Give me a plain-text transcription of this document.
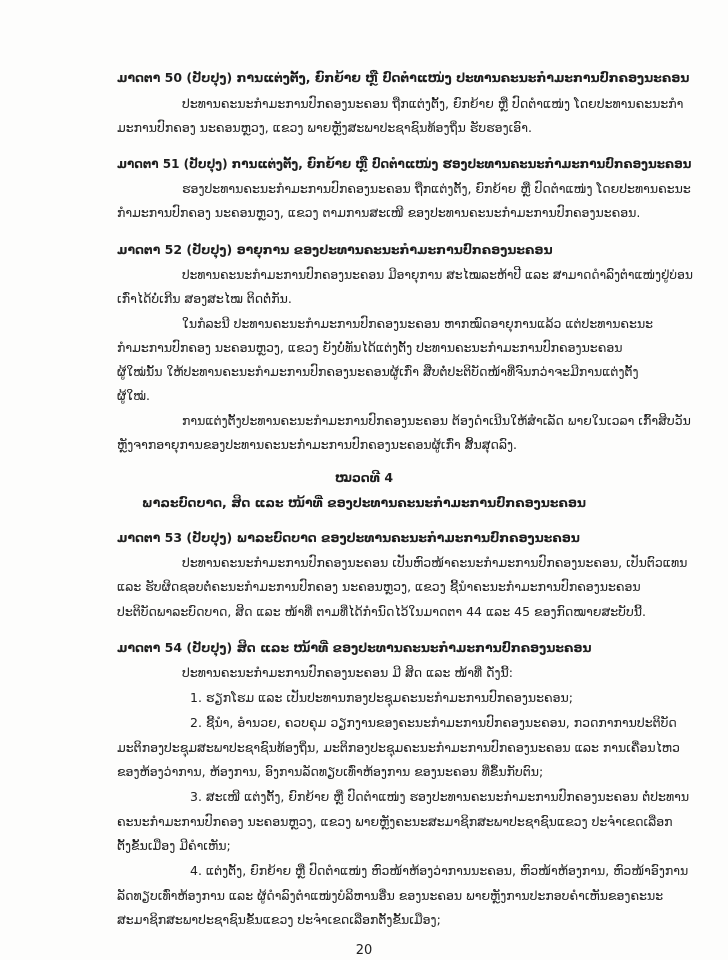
ມາດຕາ 50 (ປັບປຸງ) ການແຕ່ງຕັ້ງ, ຍົກຍ້າຍ ຫຼື ປົດຕຳແໜ່ງ ປະທານຄະນະກຳມະການປົກຄອງນະຄອນ
ປະທານຄະນະກຳມະການປົກຄອງນະຄອນ ຖືກແຕ່ງຕັ້ງ, ຍົກຍ້າຍ ຫຼື ປົດຕຳແໜ່ງ ໂດຍປະທານຄະນະກຳ
ມະການປົກຄອງ ນະຄອນຫຼວງ, ແຂວງ ພາຍຫຼັງສະພາປະຊາຊົນທ້ອງຖິ່ນ ຮັບຮອງເອົາ.
ມາດຕາ 51 (ປັບປຸງ) ການແຕ່ງຕັ້ງ, ຍົກຍ້າຍ ຫຼື ປົດຕຳແໜ່ງ ຮອງປະທານຄະນະກຳມະການປົກຄອງນະຄອນ
ຮອງປະທານຄະນະກຳມະການປົກຄອງນະຄອນ ຖືກແຕ່ງຕັ້ງ, ຍົກຍ້າຍ ຫຼື ປົດຕຳແໜ່ງ ໂດຍປະທານຄະນະ
ກຳມະການປົກຄອງ ນະຄອນຫຼວງ, ແຂວງ ຕາມການສະເໜີ ຂອງປະທານຄະນະກຳມະການປົກຄອງນະຄອນ.
ມາດຕາ 52 (ປັບປຸງ) ອາຍຸການ ຂອງປະທານຄະນະກຳມະການປົກຄອງນະຄອນ
ປະທານຄະນະກຳມະການປົກຄອງນະຄອນ ມີອາຍຸການ ສະໄໝລະຫ້າປີ ແລະ ສາມາດດຳລົງຕຳແໜ່ງຢູ່ບ່ອນ
ເກົ່າໄດ້ບໍ່ເກີນ ສອງສະໄໝ ຕິດຕໍ່ກັນ.
ໃນກໍລະນີ ປະທານຄະນະກຳມະການປົກຄອງນະຄອນ ຫາກໝົດອາຍຸການແລ້ວ ແຕ່ປະທານຄະນະ
ກຳມະການປົກຄອງ ນະຄອນຫຼວງ, ແຂວງ ຍັງບໍ່ທັນໄດ້ແຕ່ງຕັ້ງ ປະທານຄະນະກຳມະການປົກຄອງນະຄອນ
ຜູ້ໃໝ່ນັ້ນ ໃຫ້ປະທານຄະນະກຳມະການປົກຄອງນະຄອນຜູ້ເກົ່າ ສືບຕໍ່ປະຕິບັດໜ້າທີ່ຈົນກວ່າຈະມີການແຕ່ງຕັ້ງ
ຜູ້ໃໝ່.
ການແຕ່ງຕັ້ງປະທານຄະນະກຳມະການປົກຄອງນະຄອນ ຕ້ອງດຳເນີນໃຫ້ສຳເລັດ ພາຍໃນເວລາ ເກົ້າສິບວັນ
ຫຼັງຈາກອາຍຸການຂອງປະທານຄະນະກຳມະການປົກຄອງນະຄອນຜູ້ເກົ່າ ສິ້ນສຸດລົງ.
ໝວດທີ 4
ພາລະບົດບາດ, ສິດ ແລະ ໜ້າທີ່ ຂອງປະທານຄະນະກຳມະການປົກຄອງນະຄອນ
ມາດຕາ 53 (ປັບປຸງ) ພາລະບົດບາດ ຂອງປະທານຄະນະກຳມະການປົກຄອງນະຄອນ
ປະທານຄະນະກຳມະການປົກຄອງນະຄອນ ເປັນຫົວໜ້າຄະນະກຳມະການປົກຄອງນະຄອນ, ເປັນຕົວແທນ
ແລະ ຮັບຜິດຊອບຕໍ່ຄະນະກຳມະການປົກຄອງ ນະຄອນຫຼວງ, ແຂວງ ຊີ້ນຳຄະນະກຳມະການປົກຄອງນະຄອນ
ປະຕິບັດພາລະບົດບາດ, ສິດ ແລະ ໜ້າທີ່ ຕາມທີ່ໄດ້ກຳນົດໄວ້ໃນມາດຕາ 44 ແລະ 45 ຂອງກົດໝາຍສະບັບນີ້.
ມາດຕາ 54 (ປັບປຸງ) ສິດ ແລະ ໜ້າທີ່ ຂອງປະທານຄະນະກຳມະການປົກຄອງນະຄອນ
ປະທານຄະນະກຳມະການປົກຄອງນະຄອນ ມີ ສິດ ແລະ ໜ້າທີ່ ດັ່ງນີ້:
1. ຮຽກໂຮມ ແລະ ເປັນປະທານກອງປະຊຸມຄະນະກຳມະການປົກຄອງນະຄອນ;
2. ຊີ້ນຳ, ອຳນວຍ, ຄວບຄຸມ ວຽກງານຂອງຄະນະກຳມະການປົກຄອງນະຄອນ, ກວດກາການປະຕິບັດ
ມະຕິກອງປະຊຸມສະພາປະຊາຊົນທ້ອງຖິ່ນ, ມະຕິກອງປະຊຸມຄະນະກຳມະການປົກຄອງນະຄອນ ແລະ ການເຄື່ອນໄຫວ
ຂອງຫ້ອງວ່າການ, ຫ້ອງການ, ອົງການລັດທຽບເທົ່າຫ້ອງການ ຂອງນະຄອນ ທີ່ຂຶ້ນກັບຕົນ;
3. ສະເໜີ ແຕ່ງຕັ້ງ, ຍົກຍ້າຍ ຫຼື ປົດຕຳແໜ່ງ ຮອງປະທານຄະນະກຳມະການປົກຄອງນະຄອນ ຕໍ່ປະທານ
ຄະນະກຳມະການປົກຄອງ ນະຄອນຫຼວງ, ແຂວງ ພາຍຫຼັງຄະນະສະມາຊິກສະພາປະຊາຊົນແຂວງ ປະຈຳເຂດເລືອກ
ຕັ້ງຂັ້ນເມືອງ ມີຄຳເຫັນ;
4. ແຕ່ງຕັ້ງ, ຍົກຍ້າຍ ຫຼື ປົດຕຳແໜ່ງ ຫົວໜ້າຫ້ອງວ່າການນະຄອນ, ຫົວໜ້າຫ້ອງການ, ຫົວໜ້າອົງການ
ລັດທຽບເທົ່າຫ້ອງການ ແລະ ຜູ້ດຳລົງຕຳແໜ່ງບໍລິຫານອື່ນ ຂອງນະຄອນ ພາຍຫຼັງການປະກອບຄຳເຫັນຂອງຄະນະ
ສະມາຊິກສະພາປະຊາຊົນຂັ້ນແຂວງ ປະຈຳເຂດເລືອກຕັ້ງຂັ້ນເມືອງ;
20
